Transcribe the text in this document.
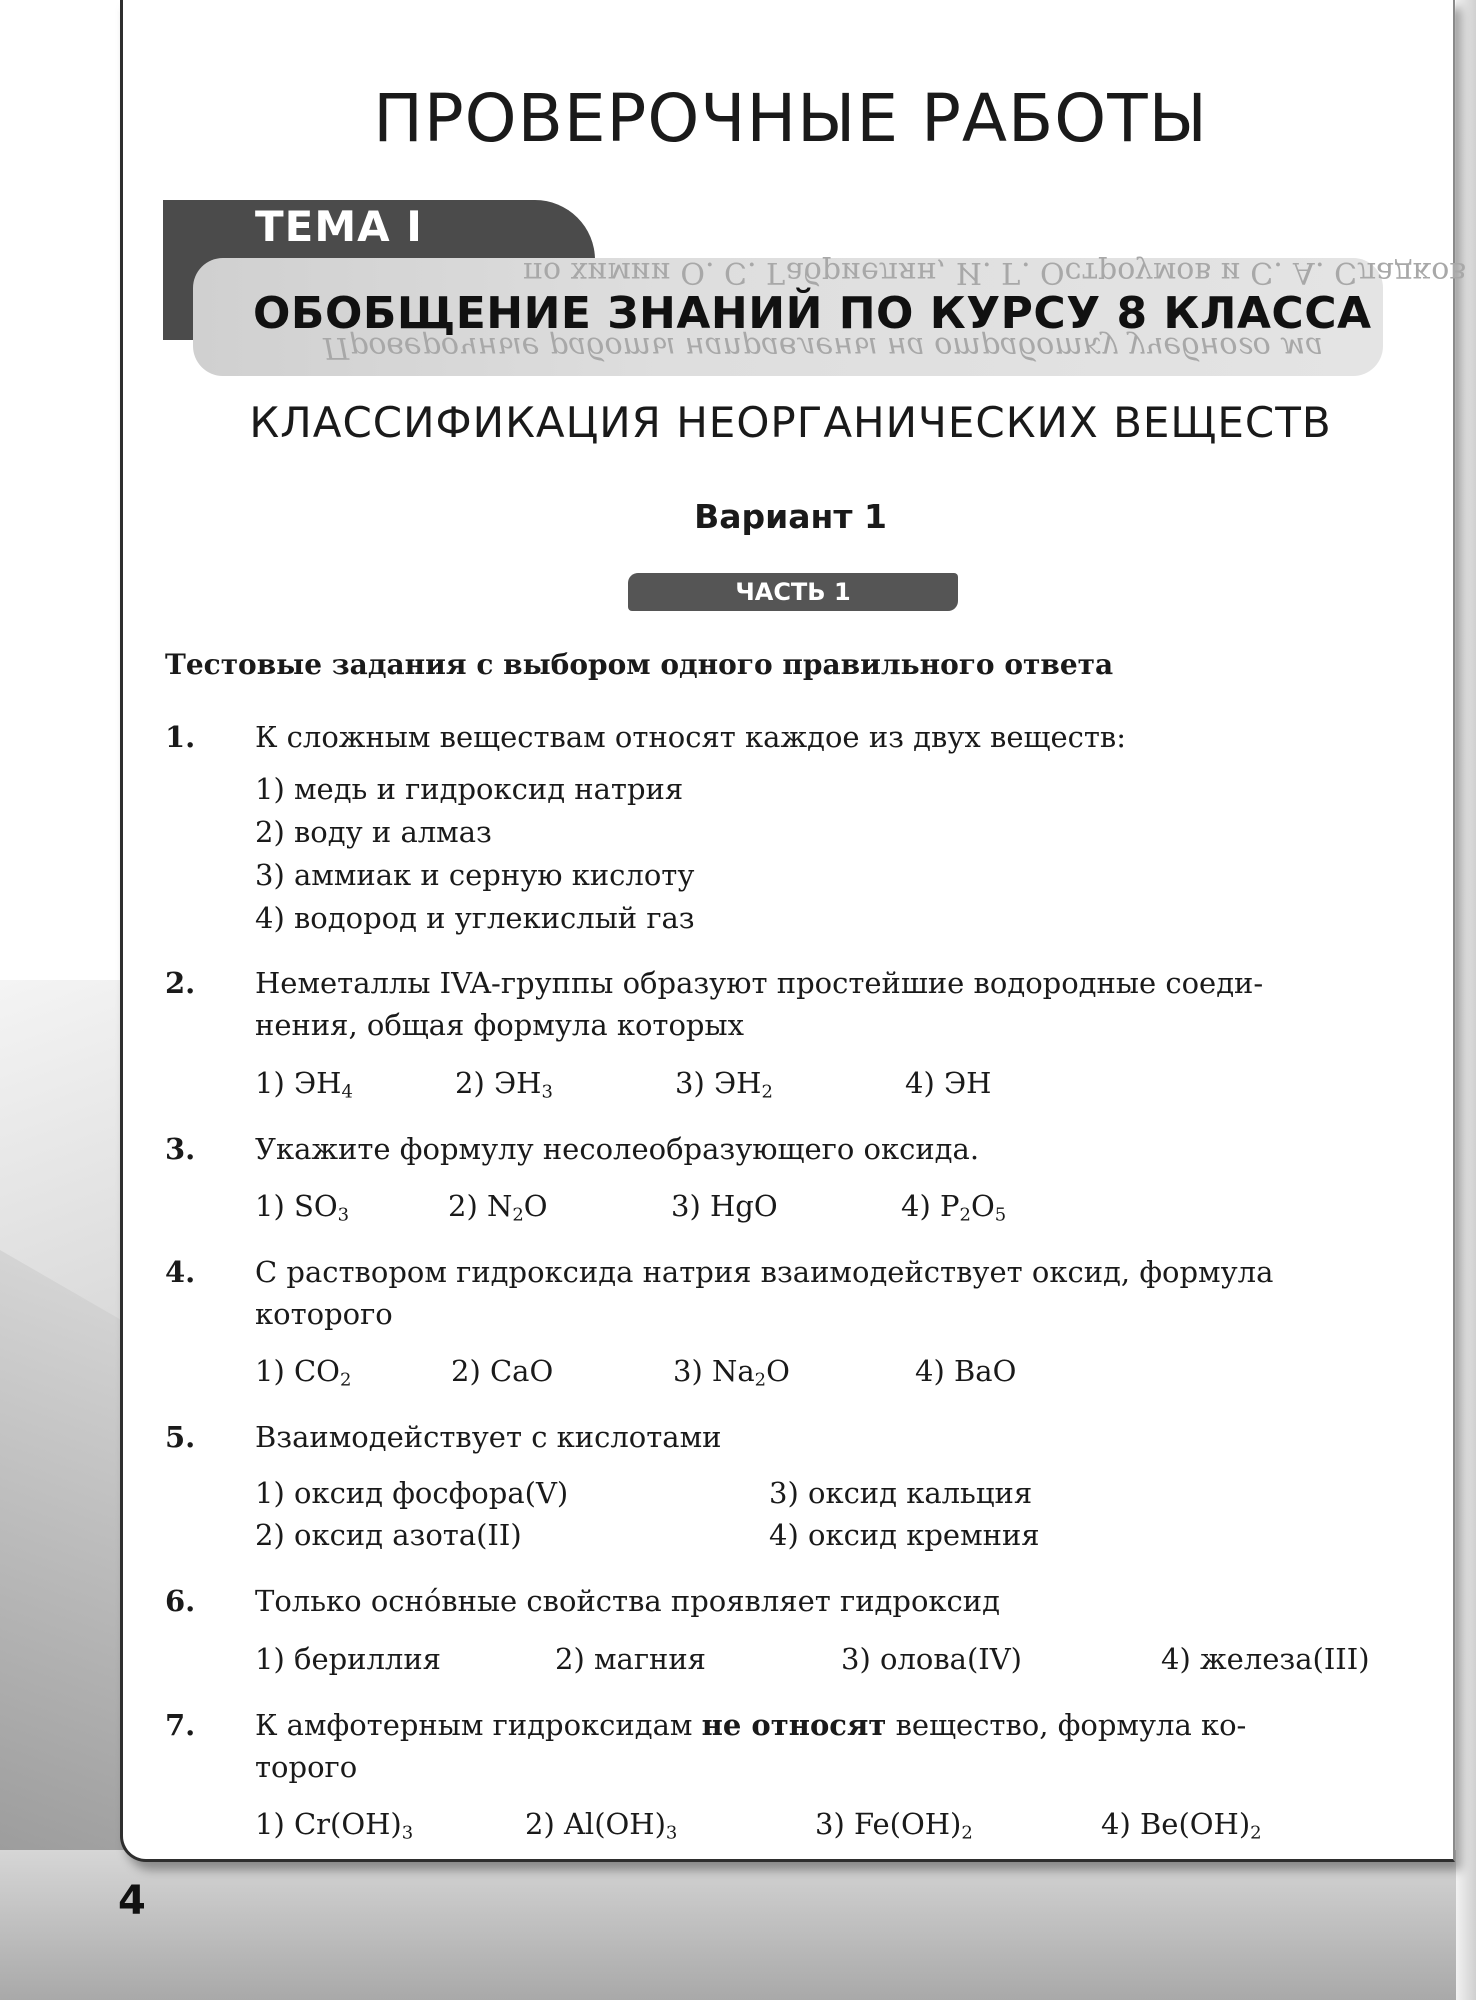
ПРОВЕРОЧНЫЕ РАБОТЫ
по химии О. С. Габриелян, И. Г. Остроумов и С. А. Сладков
Проверочные работы направлены на отработку учебного ма
ТЕМА I
ОБОБЩЕНИЕ ЗНАНИЙ ПО КУРСУ 8 КЛАССА
КЛАССИФИКАЦИЯ НЕОРГАНИЧЕСКИХ ВЕЩЕСТВ
Вариант 1
ЧАСТЬ 1
Тестовые задания с выбором одного правильного ответа
1. К сложным веществам относят каждое из двух веществ:
1) медь и гидроксид натрия
2) воду и алмаз
3) аммиак и серную кислоту
4) водород и углекислый газ
2. Неметаллы IVA-группы образуют простейшие водородные соеди-
нения, общая формула которых
1) $ЭН_4$	2) $ЭН_3$	3) $ЭН_2$	4) ЭН
3. Укажите формулу несолеобразующего оксида.
1) $SO_3$	2) $N_2O$	3) HgO	4) $P_2O_5$
4. С раствором гидроксида натрия взаимодействует оксид, формула
которого
1) $CO_2$	2) CaO	3) $Na_2O$	4) BaO
5. Взаимодействует с кислотами
1) оксид фосфора(V)
2) оксид азота(II)
3) оксид кальция
4) оксид кремния
6. Только осно́вные свойства проявляет гидроксид
1) бериллия	2) магния	3) олова(IV)	4) железа(III)
7. К амфотерным гидроксидам не относят вещество, формула ко-
торого
1) $Cr(OH)_3$	2) $Al(OH)_3$	3) $Fe(OH)_2$	4) $Be(OH)_2$
4
